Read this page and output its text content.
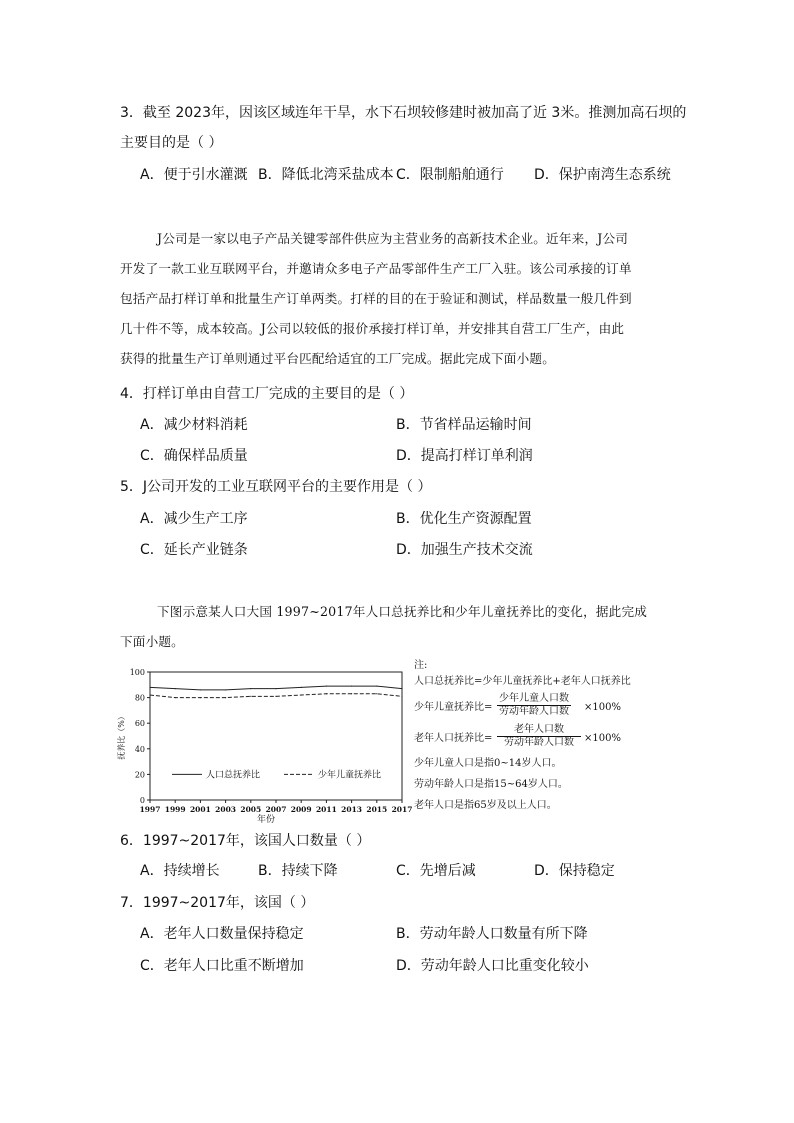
3．截至 2023年，因该区域连年干旱，水下石坝较修建时被加高了近 3米。推测加高石坝的
主要目的是（ ）
A．便于引水灌溉 B．降低北湾采盐成本 C．限制船舶通行 D．保护南湾生态系统
J公司是一家以电子产品关键零部件供应为主营业务的高新技术企业。近年来，J公司
开发了一款工业互联网平台，并邀请众多电子产品零部件生产工厂入驻。该公司承接的订单
包括产品打样订单和批量生产订单两类。打样的目的在于验证和测试，样品数量一般几件到
几十件不等，成本较高。J公司以较低的报价承接打样订单，并安排其自营工厂生产，由此
获得的批量生产订单则通过平台匹配给适宜的工厂完成。据此完成下面小题。
4．打样订单由自营工厂完成的主要目的是（ ）
A．减少材料消耗	B．节省样品运输时间
C．确保样品质量	D．提高打样订单利润
5．J公司开发的工业互联网平台的主要作用是（ ）
A．减少生产工序	B．优化生产资源配置
C．延长产业链条	D．加强生产技术交流
下图示意某人口大国 1997~2017年人口总抚养比和少年儿童抚养比的变化，据此完成
下面小题。
0
20
40
60
80
100
1997 1999 2001 2003 2005 2007 2009 2011 2013 2015 2017
年份
抚养比（%）
人口总抚养比	少年儿童抚养比
注:
人口总抚养比=少年儿童抚养比+老年人口抚养比
少年儿童抚养比=
少年儿童人口数
劳动年龄人口数 ×100%
老年人口抚养比=
老年人口数
劳动年龄人口数	×100%
少年儿童人口是指0~14岁人口。
劳动年龄人口是指15~64岁人口。
老年人口是指65岁及以上人口。
6．1997~2017年，该国人口数量（ ）
A．持续增长	B．持续下降	C．先增后减	D．保持稳定
7．1997~2017年，该国（ ）
A．老年人口数量保持稳定	B．劳动年龄人口数量有所下降
C．老年人口比重不断增加	D．劳动年龄人口比重变化较小
